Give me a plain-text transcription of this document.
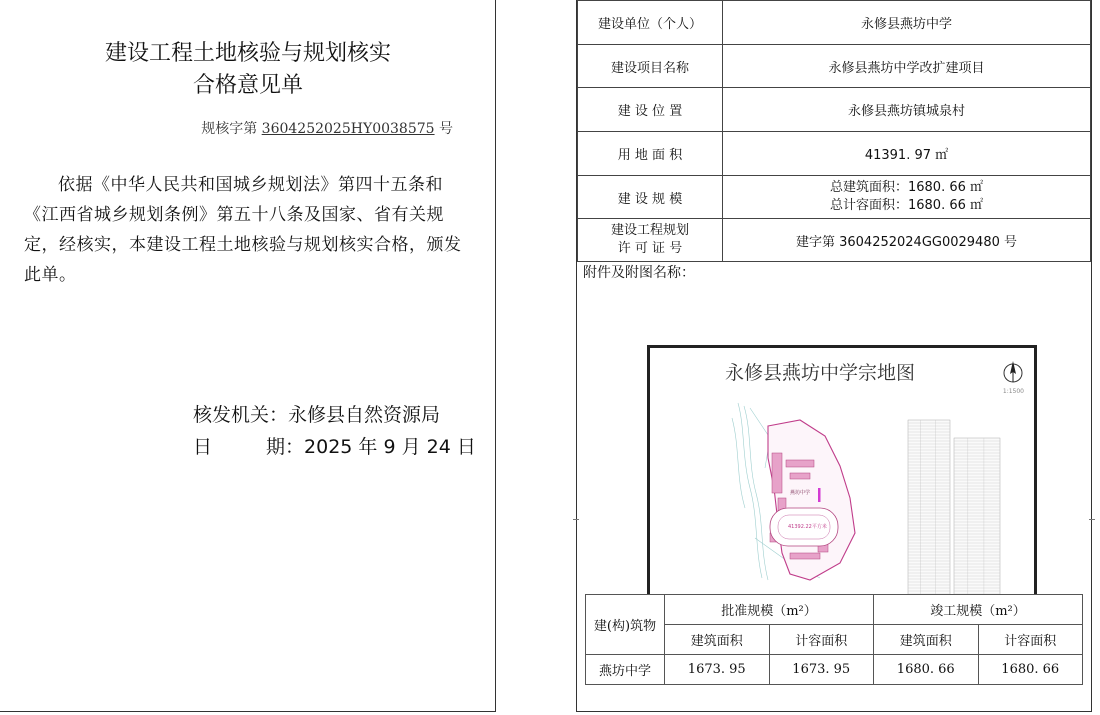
建设工程土地核验与规划核实
合格意见单
规核字第 3604252025HY0038575 号
依据《中华人民共和国城乡规划法》第四十五条和《江西省城乡规划条例》第五十八条及国家、省有关规定，经核实，本建设工程土地核验与规划核实合格，颁发此单。
核发机关：永修县自然资源局
日	期：2025 年 9 月 24 日
建设单位（个人）	永修县燕坊中学
建设项目名称	永修县燕坊中学改扩建项目
建 设 位 置	永修县燕坊镇城泉村
用 地 面 积	41391. 97 ㎡
建 设 规 模	总建筑面积：1680. 66 ㎡
总计容面积：1680. 66 ㎡

建设工程规划
许 可 证 号	建字第 3604252024GG0029480 号
附件及附图名称：
永修县燕坊中学宗地图
1:1500
燕坊中学
41392.22平方米
建(构)筑物	批准规模（m²）		竣工规模（m²）	
	建筑面积	计容面积	建筑面积	计容面积
燕坊中学	1673. 95	1673. 95	1680. 66	1680. 66
